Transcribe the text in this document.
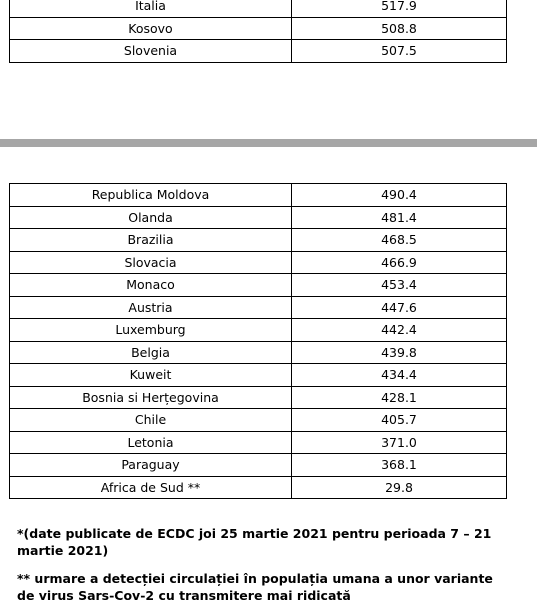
Italia	517.9
Kosovo	508.8
Slovenia	507.5
Republica Moldova	490.4
Olanda	481.4
Brazilia	468.5
Slovacia	466.9
Monaco	453.4
Austria	447.6
Luxemburg	442.4
Belgia	439.8
Kuweit	434.4
Bosnia si Herțegovina	428.1
Chile	405.7
Letonia	371.0
Paraguay	368.1
Africa de Sud **	29.8
*(date publicate de ECDC joi 25 martie 2021 pentru perioada 7 – 21 martie 2021)
** urmare a detecției circulației în populația umana a unor variante de virus Sars-Cov-2 cu transmitere mai ridicată
